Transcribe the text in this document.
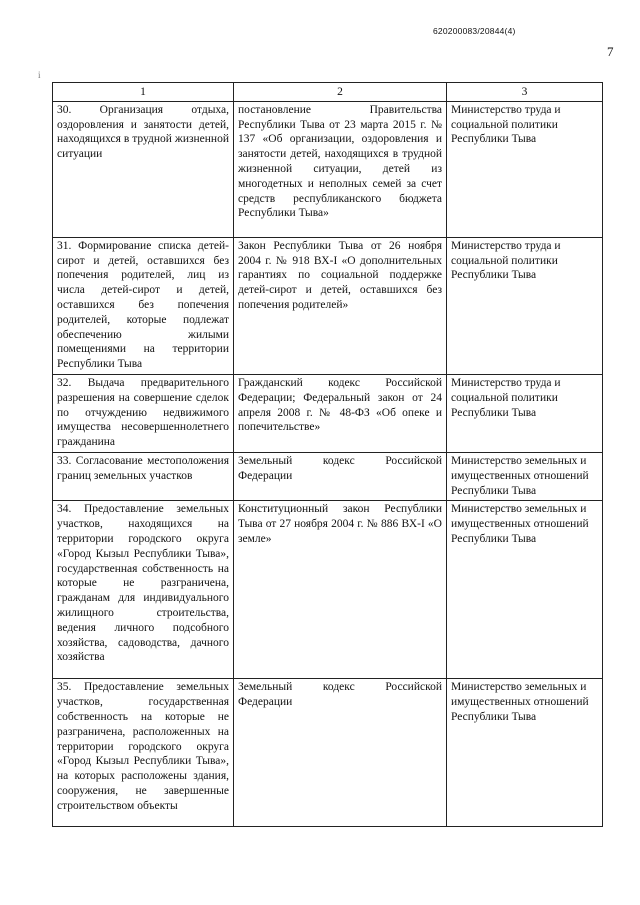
620200083/20844(4)
7
i
1	2	3
30. Организация отдыха, оздоровления и занятости детей, находящихся в трудной жизненной ситуации	постановление Правительства Республики Тыва от 23 марта 2015 г. № 137 «Об организации, оздоровления и занятости детей, находящихся в трудной жизненной ситуации, детей из многодетных и неполных семей за счет средств республиканского бюджета Республики Тыва»	Министерство труда и социальной политики Республики Тыва
31. Формирование списка детей-сирот и детей, оставшихся без попечения родителей, лиц из числа детей-сирот и детей, оставшихся без попечения родителей, которые подлежат обеспечению жилыми помещениями на территории Республики Тыва	Закон Республики Тыва от 26 ноября 2004 г. № 918 ВХ-I «О дополнительных гарантиях по социальной поддержке детей-сирот и детей, оставшихся без попечения родителей»	Министерство труда и социальной политики Республики Тыва
32. Выдача предварительного разрешения на совершение сделок по отчуждению недвижимого имущества несовершеннолетнего гражданина	Гражданский кодекс Российской Федерации; Федеральный закон от 24 апреля 2008 г. № 48-ФЗ «Об опеке и попечительстве»	Министерство труда и социальной политики Республики Тыва
33. Согласование местоположения границ земельных участков	Земельный кодекс Российской Федерации	Министерство земельных и имущественных отношений Республики Тыва
34. Предоставление земельных участков, находящихся на территории городского округа «Город Кызыл Республики Тыва», государственная собственность на которые не разграничена, гражданам для индивидуального жилищного строительства, ведения личного подсобного хозяйства, садоводства, дачного хозяйства	Конституционный закон Республики Тыва от 27 ноября 2004 г. № 886 ВХ-I «О земле»	Министерство земельных и имущественных отношений Республики Тыва
35. Предоставление земельных участков, государственная собственность на которые не разграничена, расположенных на территории городского округа «Город Кызыл Республики Тыва», на которых расположены здания, сооружения, не завершенные строительством объекты	Земельный кодекс Российской Федерации	Министерство земельных и имущественных отношений Республики Тыва
